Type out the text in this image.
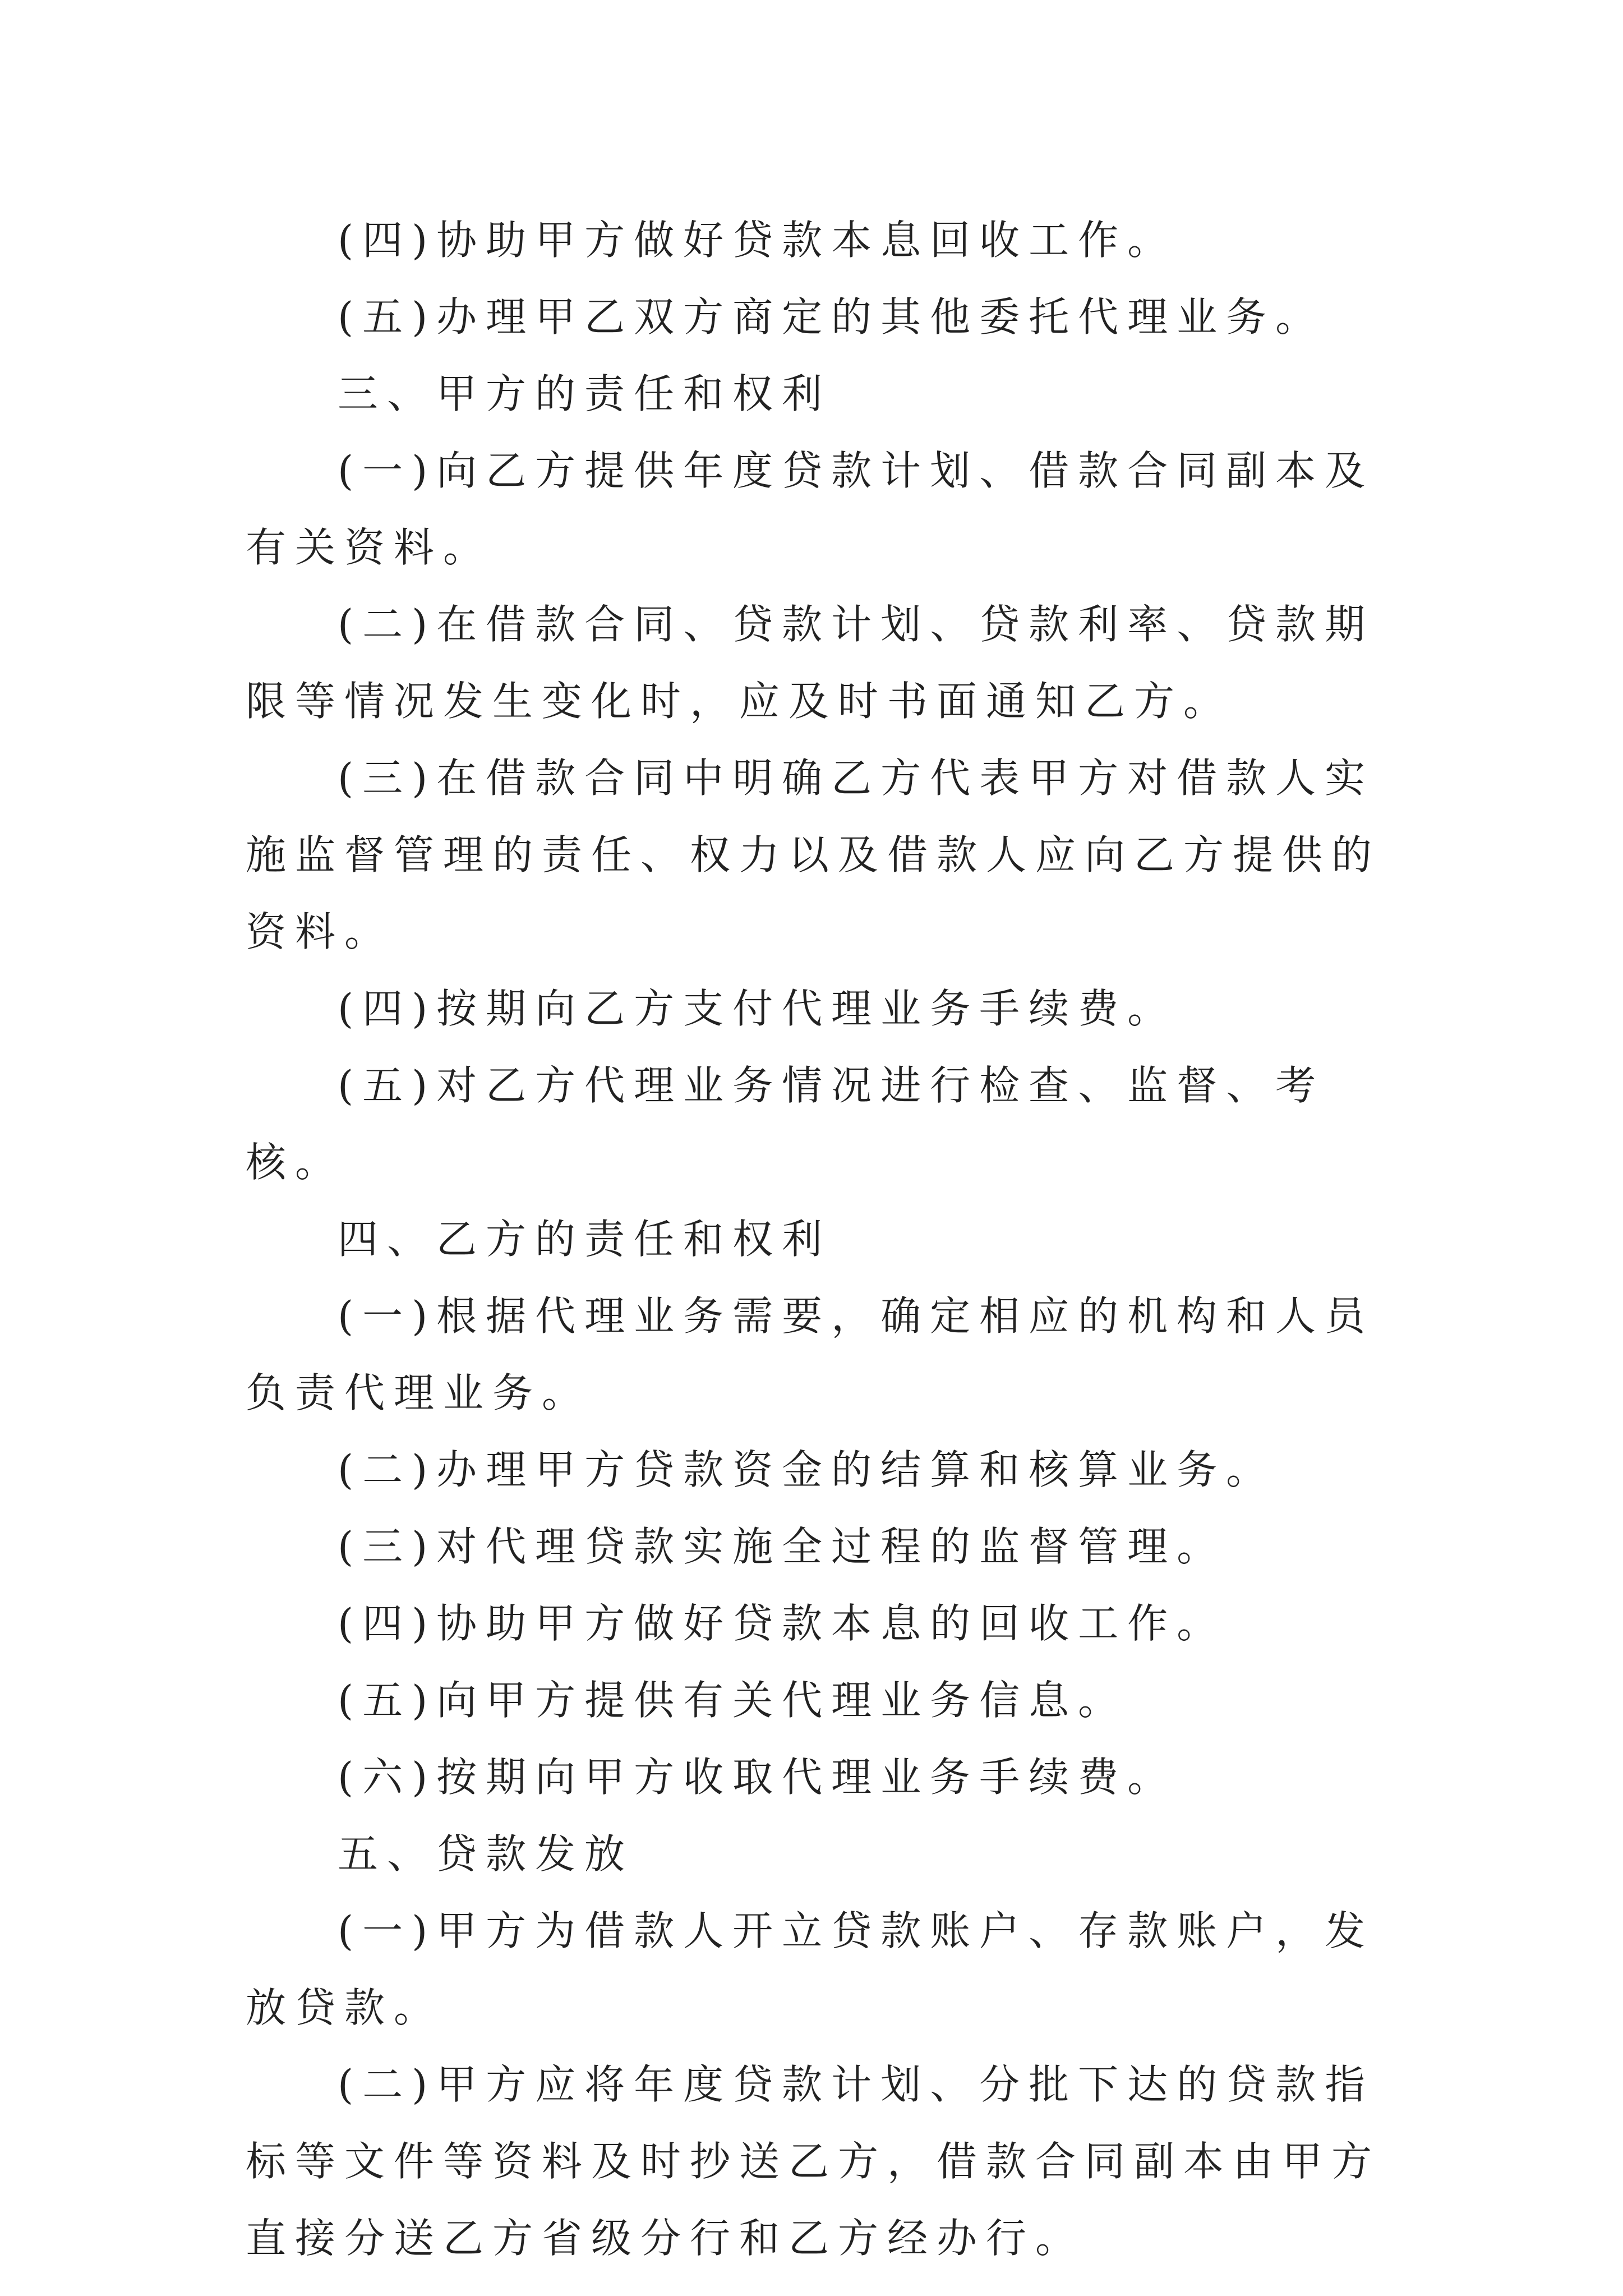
(四)协助甲方做好贷款本息回收工作。

(五)办理甲乙双方商定的其他委托代理业务。

三、甲方的责任和权利

(一)向乙方提供年度贷款计划、借款合同副本及有关资料。

(二)在借款合同、贷款计划、贷款利率、贷款期限等情况发生变化时，应及时书面通知乙方。

(三)在借款合同中明确乙方代表甲方对借款人实施监督管理的责任、权力以及借款人应向乙方提供的资料。

(四)按期向乙方支付代理业务手续费。

(五)对乙方代理业务情况进行检查、监督、考核。

四、乙方的责任和权利

(一)根据代理业务需要，确定相应的机构和人员负责代理业务。

(二)办理甲方贷款资金的结算和核算业务。

(三)对代理贷款实施全过程的监督管理。

(四)协助甲方做好贷款本息的回收工作。

(五)向甲方提供有关代理业务信息。

(六)按期向甲方收取代理业务手续费。

五、贷款发放

(一)甲方为借款人开立贷款账户、存款账户，发放贷款。

(二)甲方应将年度贷款计划、分批下达的贷款指标等文件等资料及时抄送乙方，借款合同副本由甲方直接分送乙方省级分行和乙方经办行。
